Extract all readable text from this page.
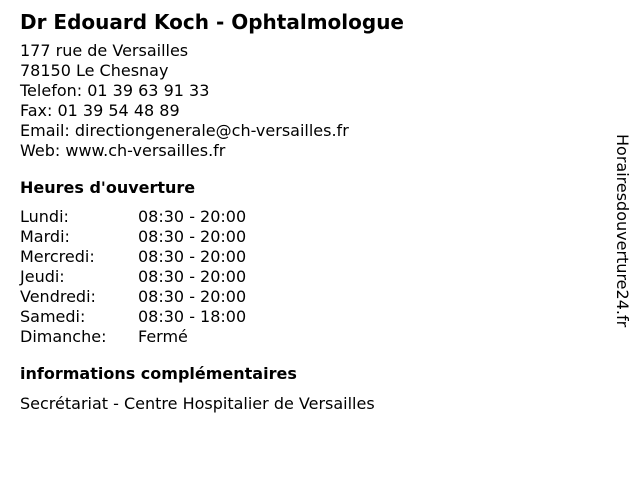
Dr Edouard Koch - Ophtalmologue
177 rue de Versailles
78150 Le Chesnay
Telefon: 01 39 63 91 33
Fax: 01 39 54 48 89
Email: directiongenerale@ch-versailles.fr
Web: www.ch-versailles.fr
Heures d'ouverture
Lundi:	08:30 - 20:00
Mardi:	08:30 - 20:00
Mercredi:	08:30 - 20:00
Jeudi:	08:30 - 20:00
Vendredi:	08:30 - 20:00
Samedi:	08:30 - 18:00
Dimanche:	Fermé
informations complémentaires
Secrétariat - Centre Hospitalier de Versailles
Horairesdouverture24.fr
